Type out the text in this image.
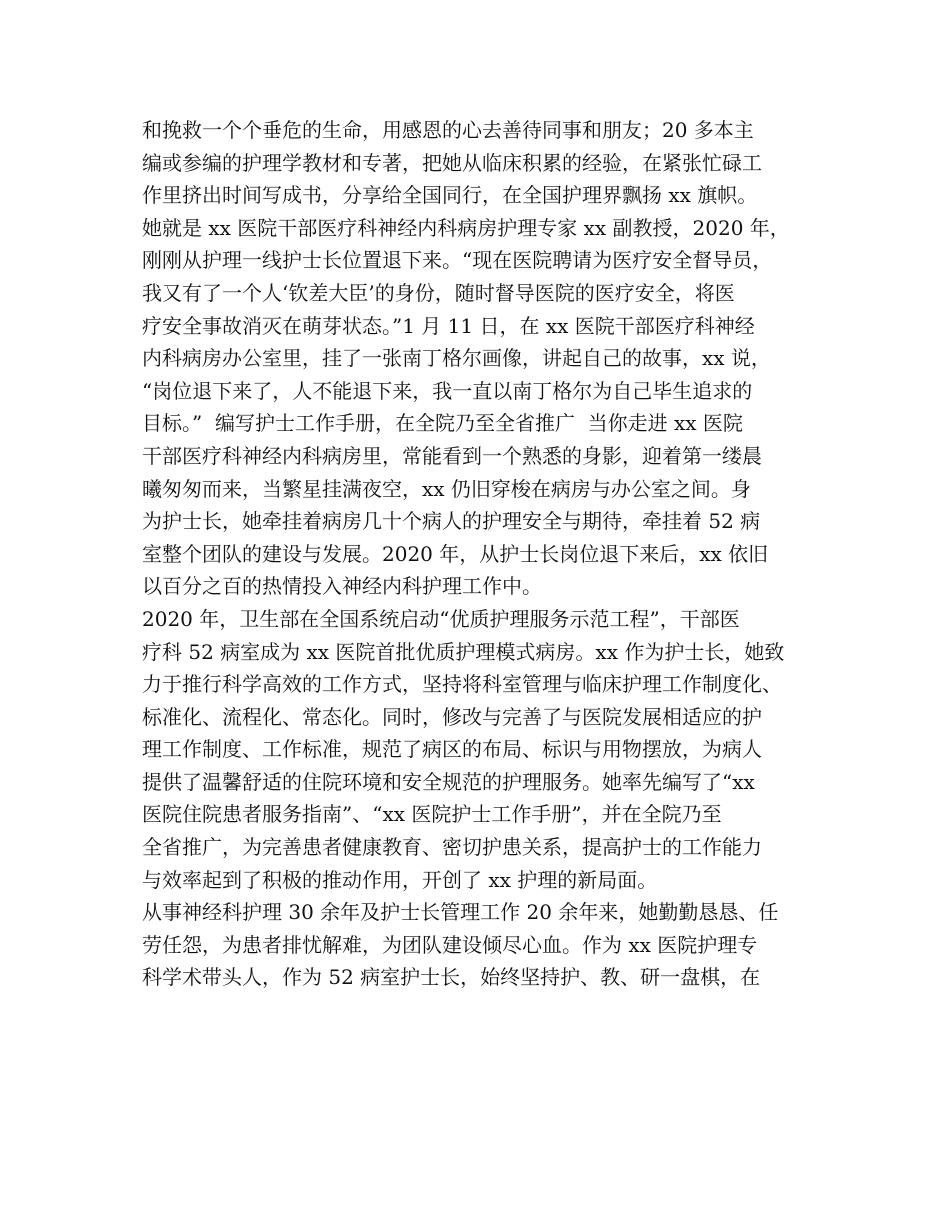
和挽救一个个垂危的生命，用感恩的心去善待同事和朋友；20 多本主
编或参编的护理学教材和专著，把她从临床积累的经验，在紧张忙碌工
作里挤出时间写成书，分享给全国同行，在全国护理界飘扬 xx 旗帜。
她就是 xx 医院干部医疗科神经内科病房护理专家 xx 副教授，2020 年，
刚刚从护理一线护士长位置退下来。“现在医院聘请为医疗安全督导员，
我又有了一个人‘钦差大臣’的身份，随时督导医院的医疗安全，将医
疗安全事故消灭在萌芽状态。”1 月 11 日，在 xx 医院干部医疗科神经
内科病房办公室里，挂了一张南丁格尔画像，讲起自己的故事，xx 说，
“岗位退下来了，人不能退下来，我一直以南丁格尔为自己毕生追求的
目标。”  编写护士工作手册，在全院乃至全省推广  当你走进 xx 医院
干部医疗科神经内科病房里，常能看到一个熟悉的身影，迎着第一缕晨
曦匆匆而来，当繁星挂满夜空，xx 仍旧穿梭在病房与办公室之间。身
为护士长，她牵挂着病房几十个病人的护理安全与期待，牵挂着 52 病
室整个团队的建设与发展。2020 年，从护士长岗位退下来后，xx 依旧
以百分之百的热情投入神经内科护理工作中。
2020 年，卫生部在全国系统启动“优质护理服务示范工程”，干部医
疗科 52 病室成为 xx 医院首批优质护理模式病房。xx 作为护士长，她致
力于推行科学高效的工作方式，坚持将科室管理与临床护理工作制度化、
标准化、流程化、常态化。同时，修改与完善了与医院发展相适应的护
理工作制度、工作标准，规范了病区的布局、标识与用物摆放，为病人
提供了温馨舒适的住院环境和安全规范的护理服务。她率先编写了“xx
医院住院患者服务指南”、“xx 医院护士工作手册”，并在全院乃至
全省推广，为完善患者健康教育、密切护患关系，提高护士的工作能力
与效率起到了积极的推动作用，开创了 xx 护理的新局面。
从事神经科护理 30 余年及护士长管理工作 20 余年来，她勤勤恳恳、任
劳任怨，为患者排忧解难，为团队建设倾尽心血。作为 xx 医院护理专
科学术带头人，作为 52 病室护士长，始终坚持护、教、研一盘棋，在
